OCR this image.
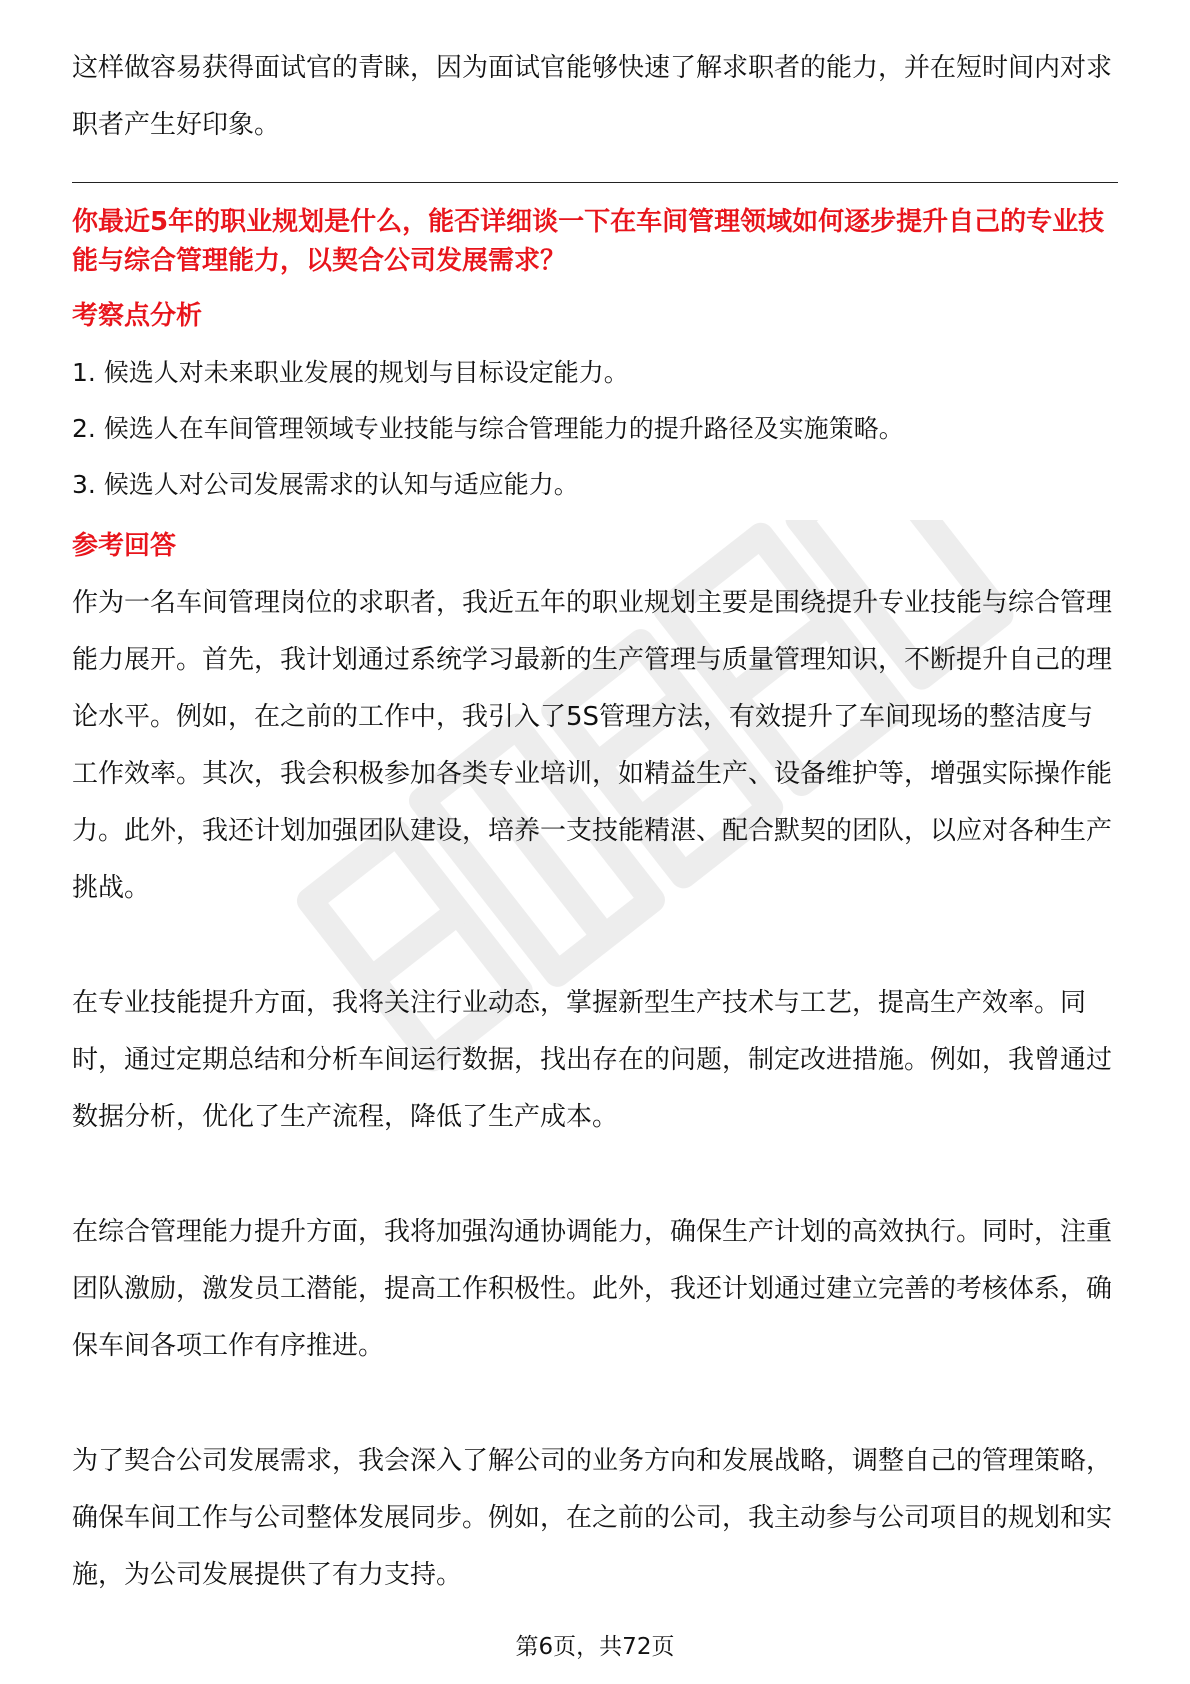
这样做容易获得面试官的青睐，因为面试官能够快速了解求职者的能力，并在短时间内对求职者产生好印象。

你最近5年的职业规划是什么，能否详细谈一下在车间管理领域如何逐步提升自己的专业技能与综合管理能力，以契合公司发展需求？

考察点分析
1. 候选人对未来职业发展的规划与目标设定能力。
2. 候选人在车间管理领域专业技能与综合管理能力的提升路径及实施策略。
3. 候选人对公司发展需求的认知与适应能力。
参考回答

作为一名车间管理岗位的求职者，我近五年的职业规划主要是围绕提升专业技能与综合管理能力展开。首先，我计划通过系统学习最新的生产管理与质量管理知识，不断提升自己的理论水平。例如，在之前的工作中，我引入了5S管理方法，有效提升了车间现场的整洁度与工作效率。其次，我会积极参加各类专业培训，如精益生产、设备维护等，增强实际操作能力。此外，我还计划加强团队建设，培养一支技能精湛、配合默契的团队，以应对各种生产挑战。

在专业技能提升方面，我将关注行业动态，掌握新型生产技术与工艺，提高生产效率。同时，通过定期总结和分析车间运行数据，找出存在的问题，制定改进措施。例如，我曾通过数据分析，优化了生产流程，降低了生产成本。

在综合管理能力提升方面，我将加强沟通协调能力，确保生产计划的高效执行。同时，注重团队激励，激发员工潜能，提高工作积极性。此外，我还计划通过建立完善的考核体系，确保车间各项工作有序推进。

为了契合公司发展需求，我会深入了解公司的业务方向和发展战略，调整自己的管理策略，确保车间工作与公司整体发展同步。例如，在之前的公司，我主动参与公司项目的规划和实施，为公司发展提供了有力支持。

第6页，共72页
